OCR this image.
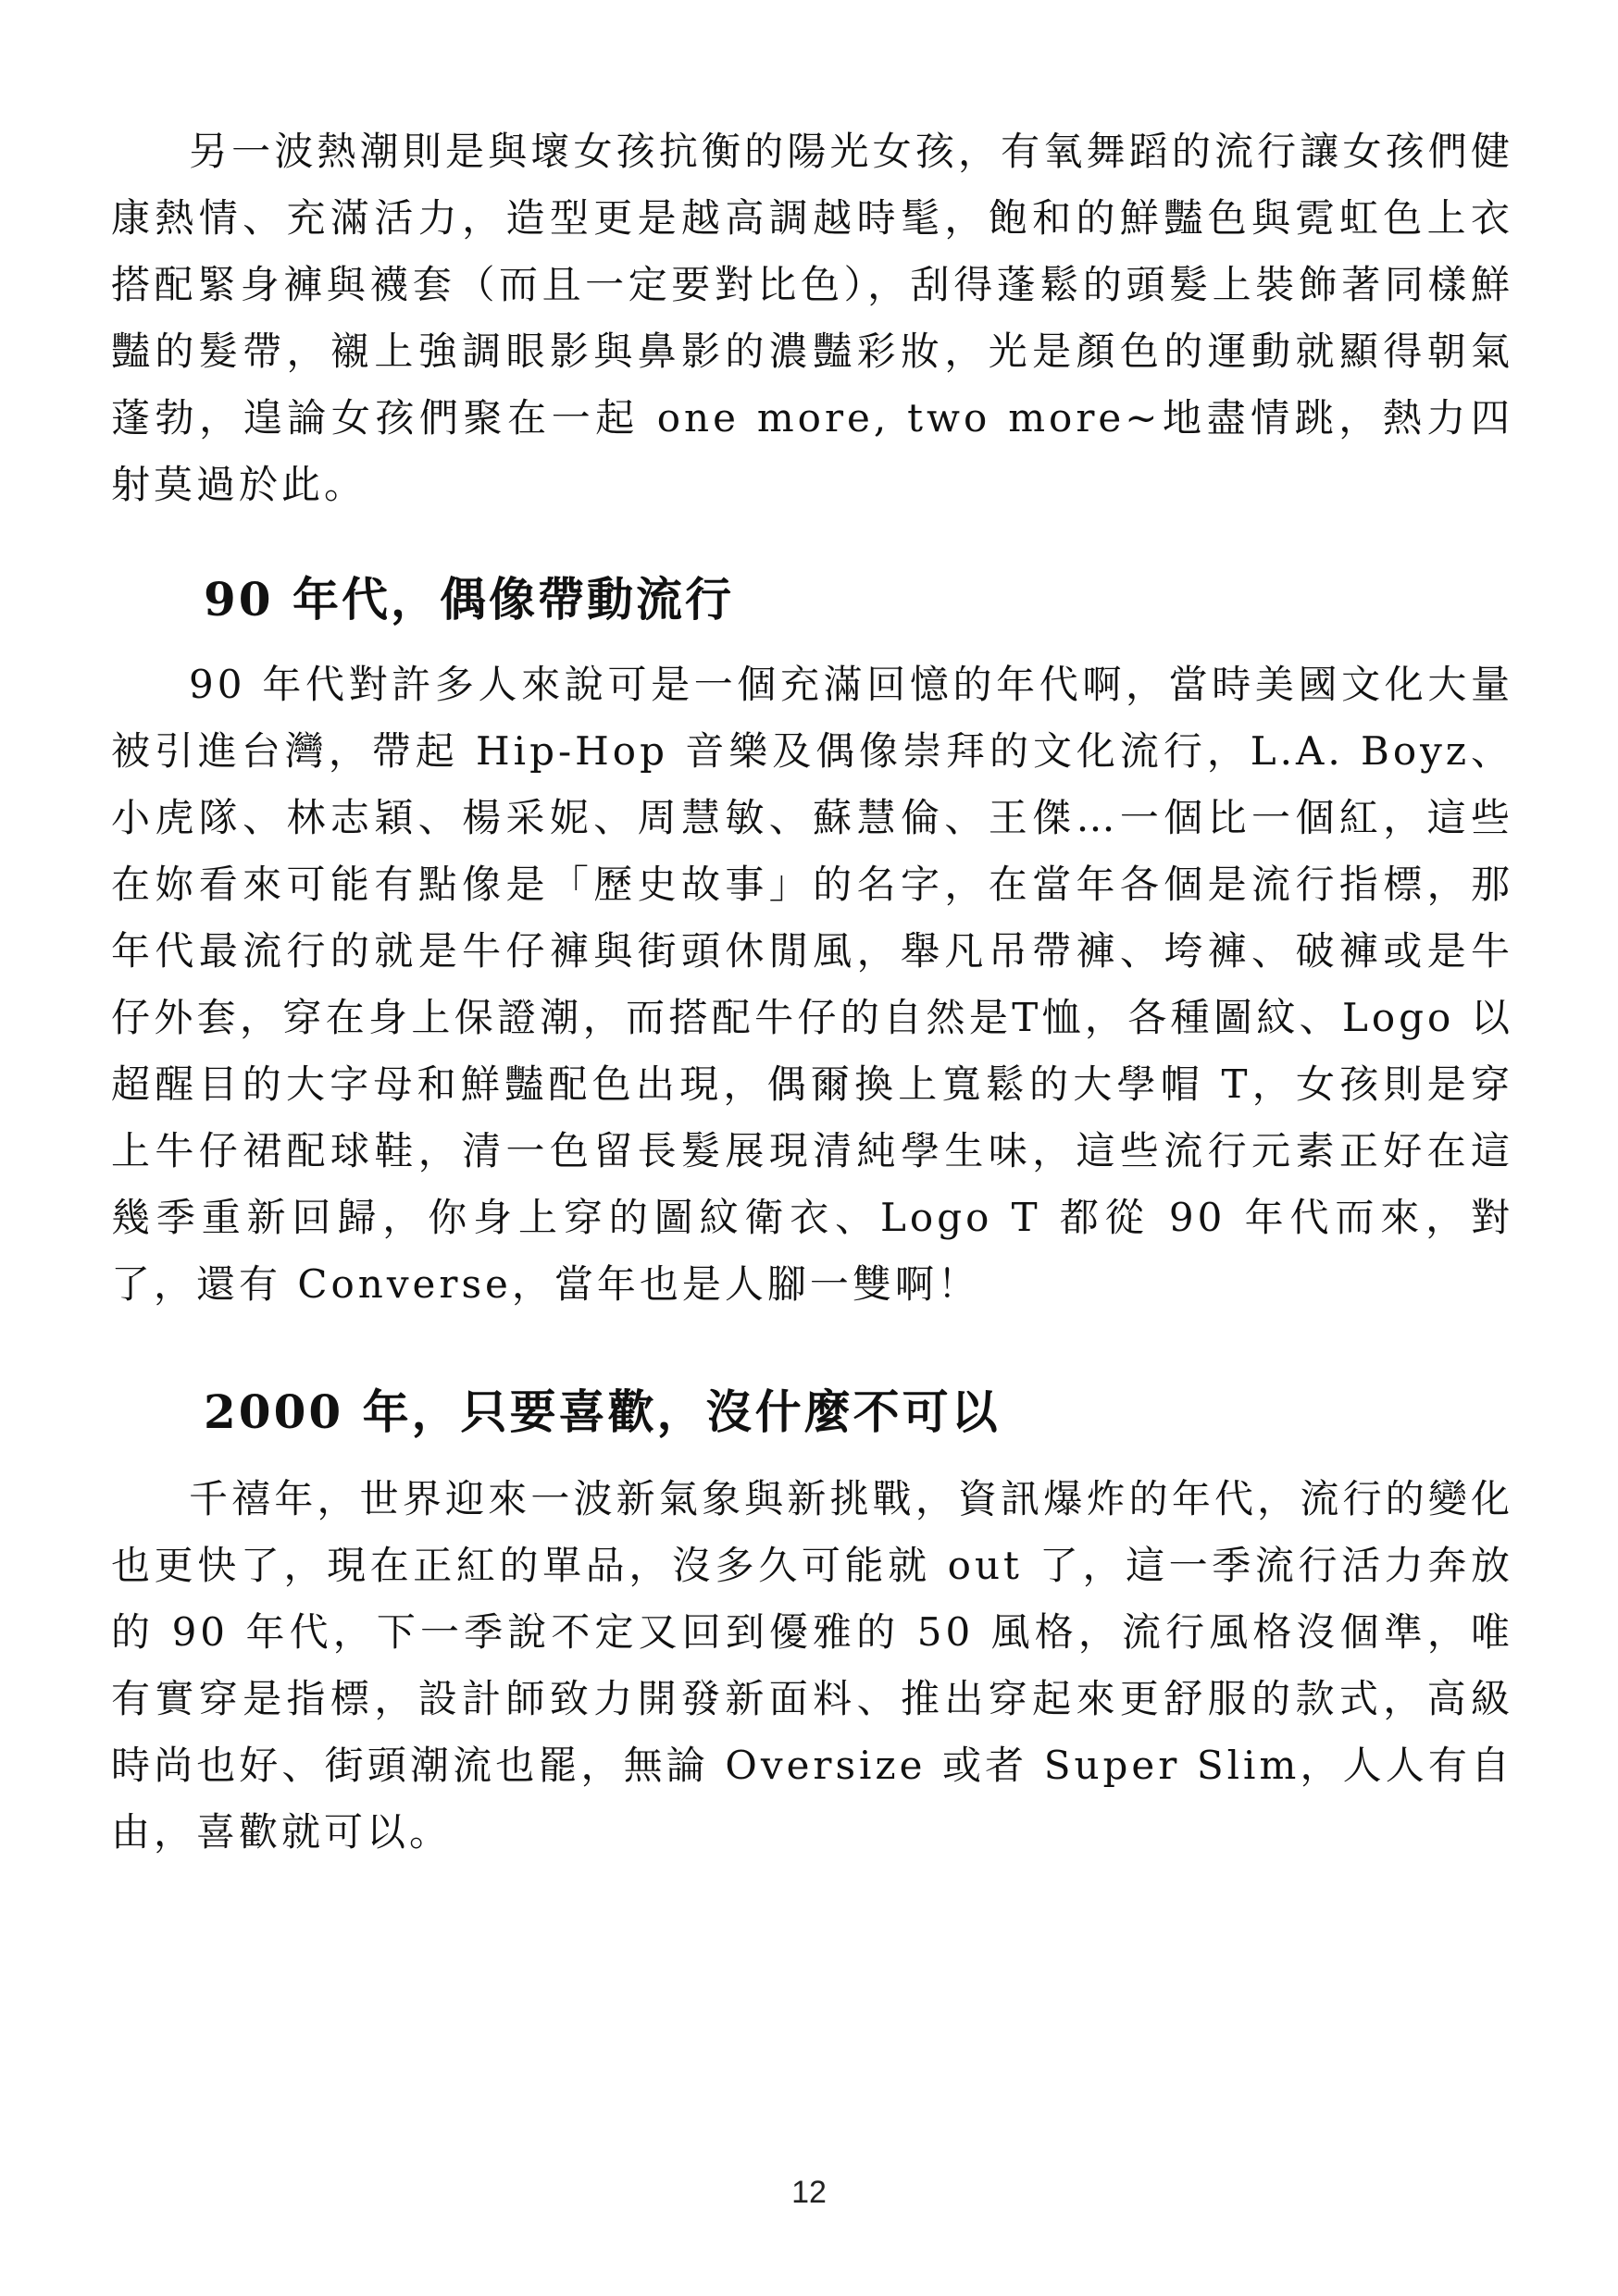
另一波熱潮則是與壞女孩抗衡的陽光女孩，有氧舞蹈的流行讓女孩們健康熱情、充滿活力，造型更是越高調越時髦，飽和的鮮豔色與霓虹色上衣搭配緊身褲與襪套（而且一定要對比色），刮得蓬鬆的頭髮上裝飾著同樣鮮豔的髮帶，襯上強調眼影與鼻影的濃豔彩妝，光是顏色的運動就顯得朝氣蓬勃，遑論女孩們聚在一起 one more, two more~地盡情跳，熱力四射莫過於此。

90 年代，偶像帶動流行

90 年代對許多人來說可是一個充滿回憶的年代啊，當時美國文化大量被引進台灣，帶起 Hip-Hop 音樂及偶像崇拜的文化流行，L.A. Boyz、小虎隊、林志穎、楊采妮、周慧敏、蘇慧倫、王傑…一個比一個紅，這些在妳看來可能有點像是「歷史故事」的名字，在當年各個是流行指標，那年代最流行的就是牛仔褲與街頭休閒風，舉凡吊帶褲、垮褲、破褲或是牛仔外套，穿在身上保證潮，而搭配牛仔的自然是T恤，各種圖紋、Logo 以超醒目的大字母和鮮豔配色出現，偶爾換上寬鬆的大學帽 T，女孩則是穿上牛仔裙配球鞋，清一色留長髮展現清純學生味，這些流行元素正好在這幾季重新回歸，你身上穿的圖紋衛衣、Logo T 都從 90 年代而來，對了，還有 Converse，當年也是人腳一雙啊！

2000 年，只要喜歡，沒什麼不可以

千禧年，世界迎來一波新氣象與新挑戰，資訊爆炸的年代，流行的變化也更快了，現在正紅的單品，沒多久可能就 out 了，這一季流行活力奔放的 90 年代，下一季說不定又回到優雅的 50 風格，流行風格沒個準，唯有實穿是指標，設計師致力開發新面料、推出穿起來更舒服的款式，高級時尚也好、街頭潮流也罷，無論 Oversize 或者 Super Slim，人人有自由，喜歡就可以。

12
